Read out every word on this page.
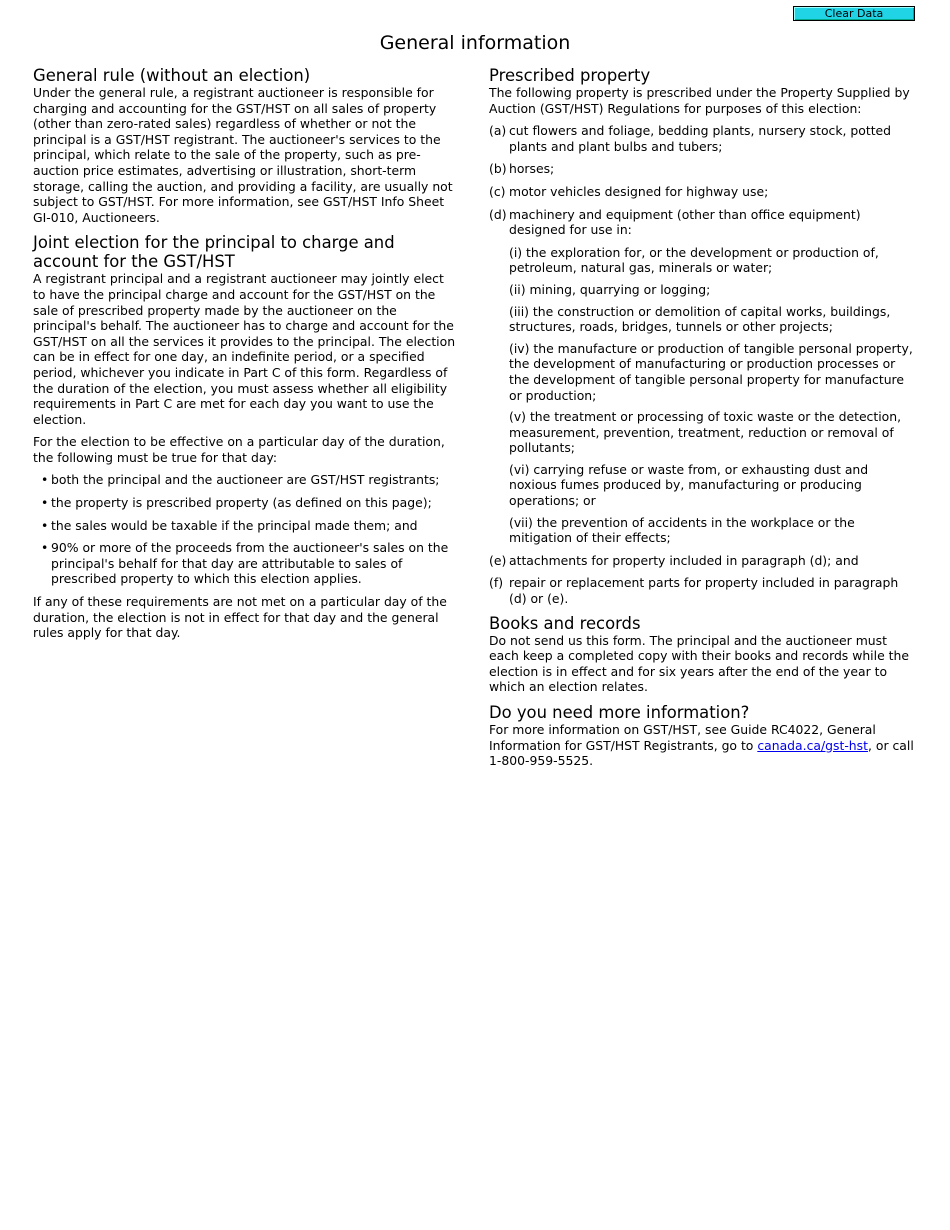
Clear Data
General information
General rule (without an election)

Under the general rule, a registrant auctioneer is responsible for charging and accounting for the GST/HST on all sales of property (other than zero-rated sales) regardless of whether or not the principal is a GST/HST registrant. The auctioneer's services to the principal, which relate to the sale of the property, such as pre-auction price estimates, advertising or illustration, short-term storage, calling the auction, and providing a facility, are usually not subject to GST/HST. For more information, see GST/HST Info Sheet GI-010, Auctioneers.

Joint election for the principal to charge and account for the GST/HST

A registrant principal and a registrant auctioneer may jointly elect to have the principal charge and account for the GST/HST on the sale of prescribed property made by the auctioneer on the principal's behalf. The auctioneer has to charge and account for the GST/HST on all the services it provides to the principal. The election can be in effect for one day, an indefinite period, or a specified period, whichever you indicate in Part C of this form. Regardless of the duration of the election, you must assess whether all eligibility requirements in Part C are met for each day you want to use the election.

For the election to be effective on a particular day of the duration, the following must be true for that day:

• both the principal and the auctioneer are GST/HST registrants;
• the property is prescribed property (as defined on this page);
• the sales would be taxable if the principal made them; and
• 90% or more of the proceeds from the auctioneer's sales on the principal's behalf for that day are attributable to sales of prescribed property to which this election applies.

If any of these requirements are not met on a particular day of the duration, the election is not in effect for that day and the general rules apply for that day.

Prescribed property

The following property is prescribed under the Property Supplied by Auction (GST/HST) Regulations for purposes of this election:

(a) cut flowers and foliage, bedding plants, nursery stock, potted plants and plant bulbs and tubers;
(b) horses;
(c) motor vehicles designed for highway use;
(d) machinery and equipment (other than office equipment) designed for use in:
(i) the exploration for, or the development or production of, petroleum, natural gas, minerals or water;
(ii) mining, quarrying or logging;
(iii) the construction or demolition of capital works, buildings, structures, roads, bridges, tunnels or other projects;
(iv) the manufacture or production of tangible personal property, the development of manufacturing or production processes or the development of tangible personal property for manufacture or production;
(v) the treatment or processing of toxic waste or the detection, measurement, prevention, treatment, reduction or removal of pollutants;
(vi) carrying refuse or waste from, or exhausting dust and noxious fumes produced by, manufacturing or producing operations; or
(vii) the prevention of accidents in the workplace or the mitigation of their effects;
(e) attachments for property included in paragraph (d); and
(f) repair or replacement parts for property included in paragraph (d) or (e).
Books and records

Do not send us this form. The principal and the auctioneer must each keep a completed copy with their books and records while the election is in effect and for six years after the end of the year to which an election relates.

Do you need more information?

For more information on GST/HST, see Guide RC4022, General Information for GST/HST Registrants, go to canada.ca/gst-hst, or call 1-800-959-5525.
